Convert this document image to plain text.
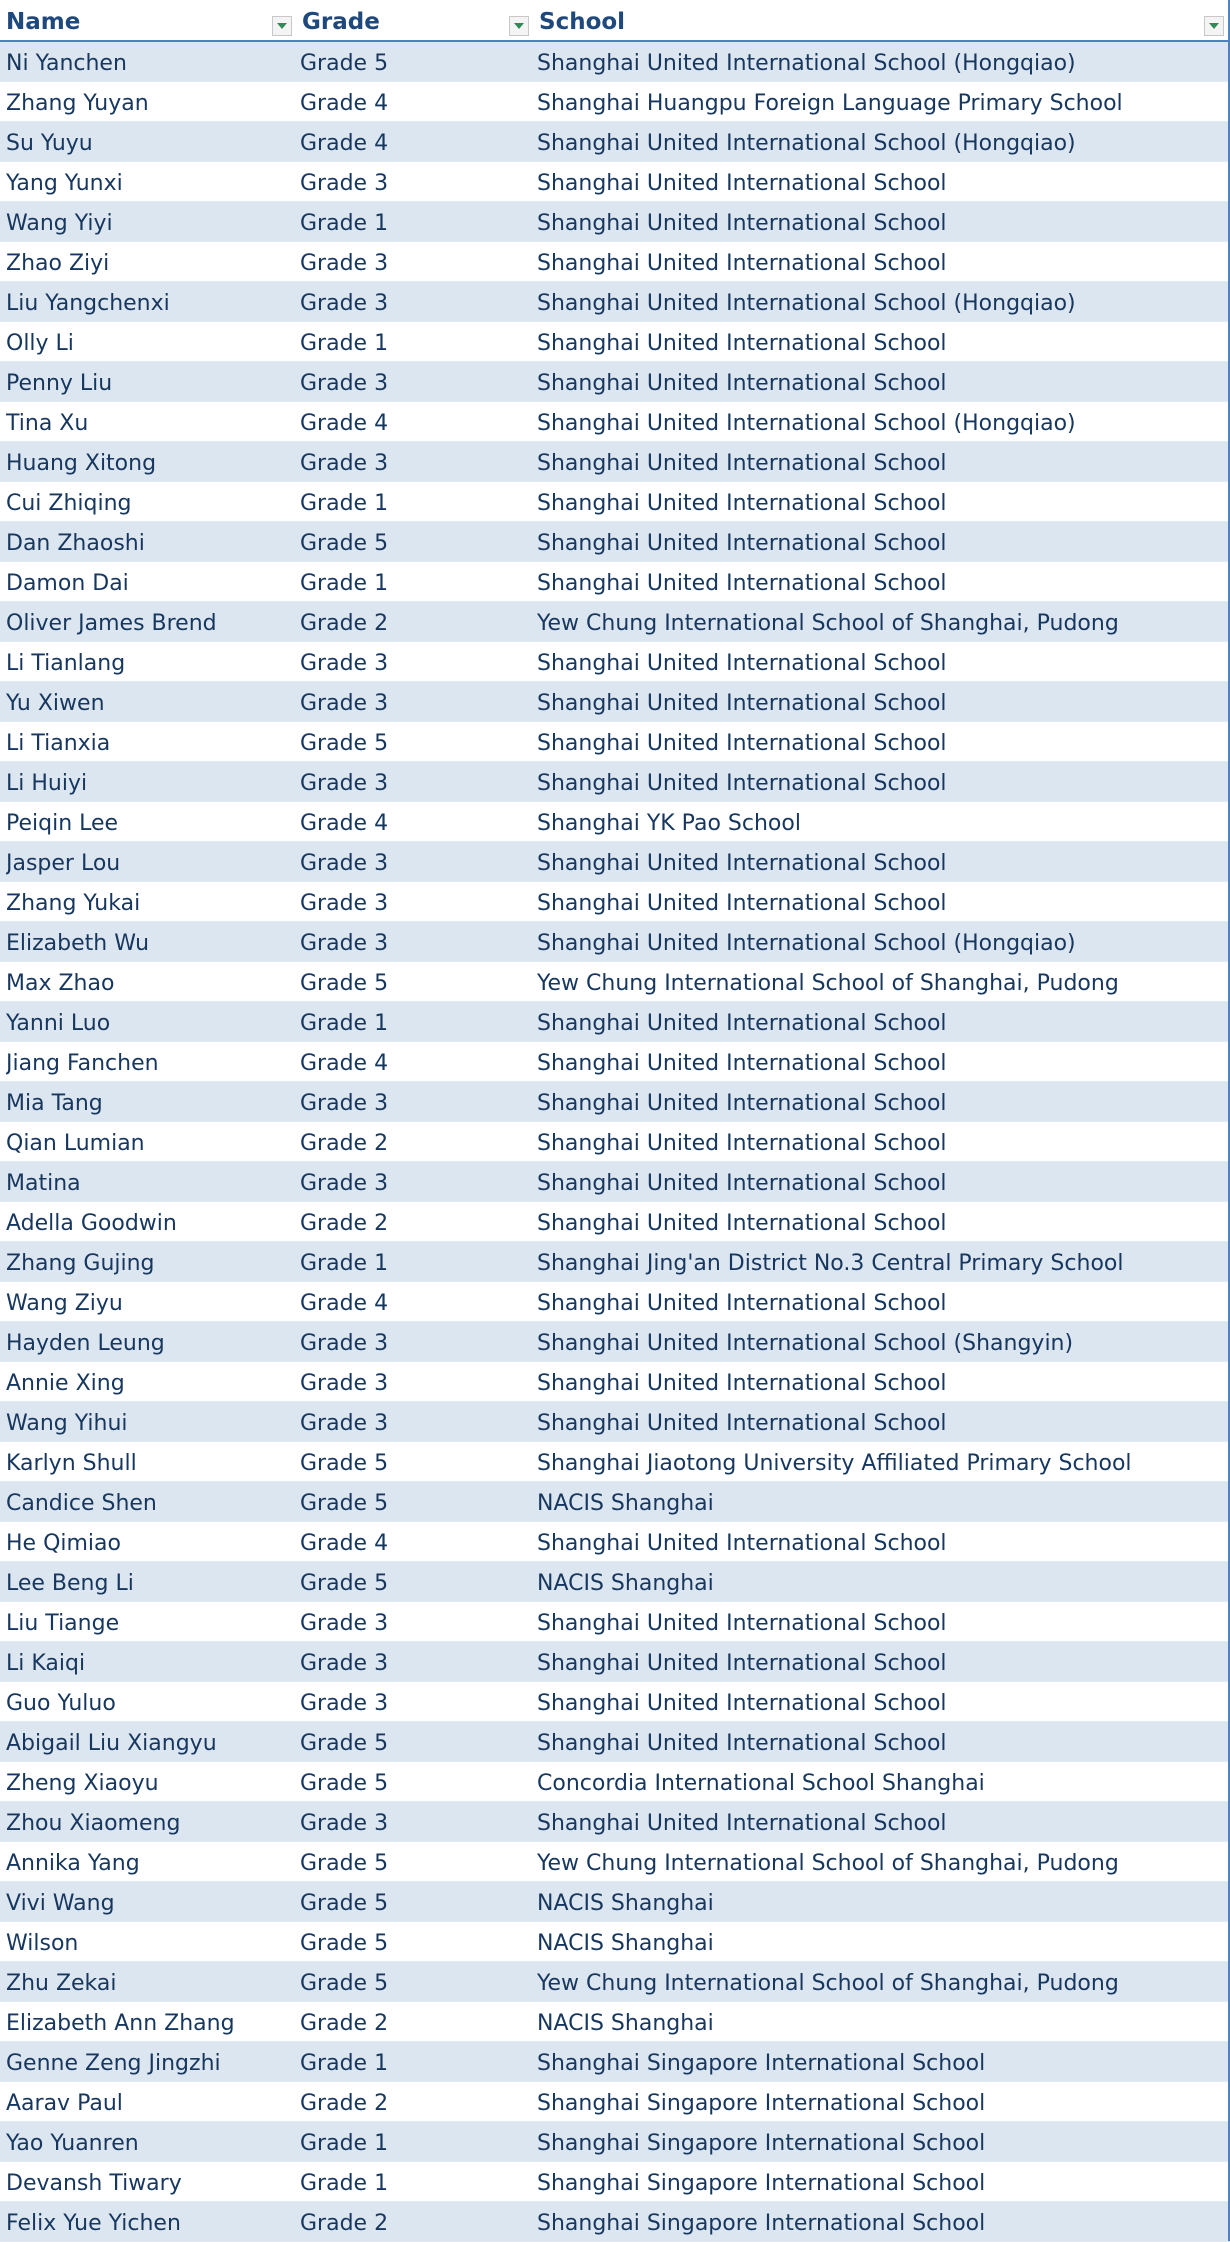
Name	Grade	School
Ni Yanchen	Grade 5	Shanghai United International School (Hongqiao)
Zhang Yuyan	Grade 4	Shanghai Huangpu Foreign Language Primary School
Su Yuyu	Grade 4	Shanghai United International School (Hongqiao)
Yang Yunxi	Grade 3	Shanghai United International School
Wang Yiyi	Grade 1	Shanghai United International School
Zhao Ziyi	Grade 3	Shanghai United International School
Liu Yangchenxi	Grade 3	Shanghai United International School (Hongqiao)
Olly Li	Grade 1	Shanghai United International School
Penny Liu	Grade 3	Shanghai United International School
Tina Xu	Grade 4	Shanghai United International School (Hongqiao)
Huang Xitong	Grade 3	Shanghai United International School
Cui Zhiqing	Grade 1	Shanghai United International School
Dan Zhaoshi	Grade 5	Shanghai United International School
Damon Dai	Grade 1	Shanghai United International School
Oliver James Brend	Grade 2	Yew Chung International School of Shanghai, Pudong
Li Tianlang	Grade 3	Shanghai United International School
Yu Xiwen	Grade 3	Shanghai United International School
Li Tianxia	Grade 5	Shanghai United International School
Li Huiyi	Grade 3	Shanghai United International School
Peiqin Lee	Grade 4	Shanghai YK Pao School
Jasper Lou	Grade 3	Shanghai United International School
Zhang Yukai	Grade 3	Shanghai United International School
Elizabeth Wu	Grade 3	Shanghai United International School (Hongqiao)
Max Zhao	Grade 5	Yew Chung International School of Shanghai, Pudong
Yanni Luo	Grade 1	Shanghai United International School
Jiang Fanchen	Grade 4	Shanghai United International School
Mia Tang	Grade 3	Shanghai United International School
Qian Lumian	Grade 2	Shanghai United International School
Matina	Grade 3	Shanghai United International School
Adella Goodwin	Grade 2	Shanghai United International School
Zhang Gujing	Grade 1	Shanghai Jing'an District No.3 Central Primary School
Wang Ziyu	Grade 4	Shanghai United International School
Hayden Leung	Grade 3	Shanghai United International School (Shangyin)
Annie Xing	Grade 3	Shanghai United International School
Wang Yihui	Grade 3	Shanghai United International School
Karlyn Shull	Grade 5	Shanghai Jiaotong University Affiliated Primary School
Candice Shen	Grade 5	NACIS Shanghai
He Qimiao	Grade 4	Shanghai United International School
Lee Beng Li	Grade 5	NACIS Shanghai
Liu Tiange	Grade 3	Shanghai United International School
Li Kaiqi	Grade 3	Shanghai United International School
Guo Yuluo	Grade 3	Shanghai United International School
Abigail Liu Xiangyu	Grade 5	Shanghai United International School
Zheng Xiaoyu	Grade 5	Concordia International School Shanghai
Zhou Xiaomeng	Grade 3	Shanghai United International School
Annika Yang	Grade 5	Yew Chung International School of Shanghai, Pudong
Vivi Wang	Grade 5	NACIS Shanghai
Wilson	Grade 5	NACIS Shanghai
Zhu Zekai	Grade 5	Yew Chung International School of Shanghai, Pudong
Elizabeth Ann Zhang	Grade 2	NACIS Shanghai
Genne Zeng Jingzhi	Grade 1	Shanghai Singapore International School
Aarav Paul	Grade 2	Shanghai Singapore International School
Yao Yuanren	Grade 1	Shanghai Singapore International School
Devansh Tiwary	Grade 1	Shanghai Singapore International School
Felix Yue Yichen	Grade 2	Shanghai Singapore International School
